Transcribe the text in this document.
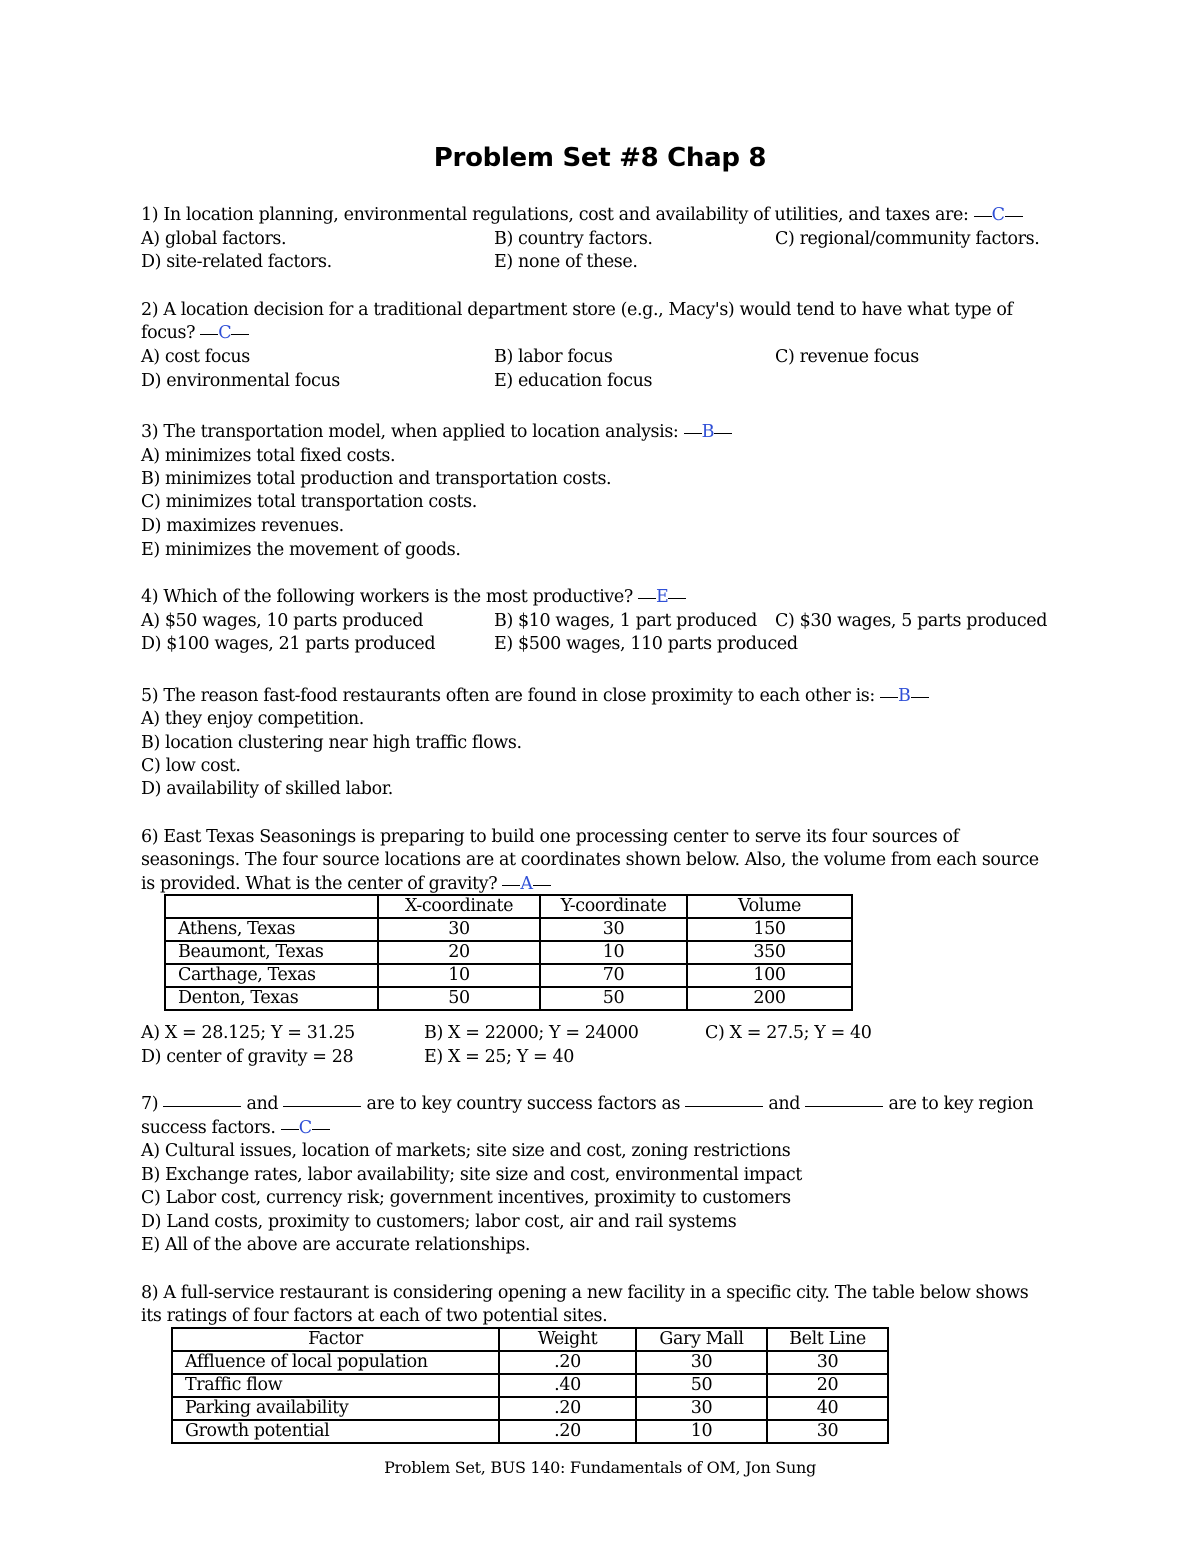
Problem Set #8 Chap 8
1) In location planning, environmental regulations, cost and availability of utilities, and taxes are: C
A) global factors.	B) country factors.	C) regional/community factors.
D) site-related factors.	E) none of these.
2) A location decision for a traditional department store (e.g., Macy's) would tend to have what type of
focus? C
A) cost focus	B) labor focus	C) revenue focus
D) environmental focus	E) education focus
3) The transportation model, when applied to location analysis: B
A) minimizes total fixed costs.
B) minimizes total production and transportation costs.
C) minimizes total transportation costs.
D) maximizes revenues.
E) minimizes the movement of goods.
4) Which of the following workers is the most productive? E
A) $50 wages, 10 parts produced	B) $10 wages, 1 part produced C) $30 wages, 5 parts produced
D) $100 wages, 21 parts produced	E) $500 wages, 110 parts produced
5) The reason fast-food restaurants often are found in close proximity to each other is: B
A) they enjoy competition.
B) location clustering near high traffic flows.
C) low cost.
D) availability of skilled labor.
6) East Texas Seasonings is preparing to build one processing center to serve its four sources of
seasonings. The four source locations are at coordinates shown below. Also, the volume from each source
is provided. What is the center of gravity? A
	X-coordinate	Y-coordinate	Volume
Athens, Texas	30	30	150
Beaumont, Texas	20	10	350
Carthage, Texas	10	70	100
Denton, Texas	50	50	200
A) X = 28.125; Y = 31.25	B) X = 22000; Y = 24000	C) X = 27.5; Y = 40
D) center of gravity = 28	E) X = 25; Y = 40
7)	and	are to key country success factors as	and	are to key region
success factors. C
A) Cultural issues, location of markets; site size and cost, zoning restrictions
B) Exchange rates, labor availability; site size and cost, environmental impact
C) Labor cost, currency risk; government incentives, proximity to customers
D) Land costs, proximity to customers; labor cost, air and rail systems
E) All of the above are accurate relationships.
8) A full-service restaurant is considering opening a new facility in a specific city. The table below shows
its ratings of four factors at each of two potential sites.
Factor	Weight	Gary Mall	Belt Line
Affluence of local population	.20	30	30
Traffic flow	.40	50	20
Parking availability	.20	30	40
Growth potential	.20	10	30
Problem Set, BUS 140: Fundamentals of OM, Jon Sung
